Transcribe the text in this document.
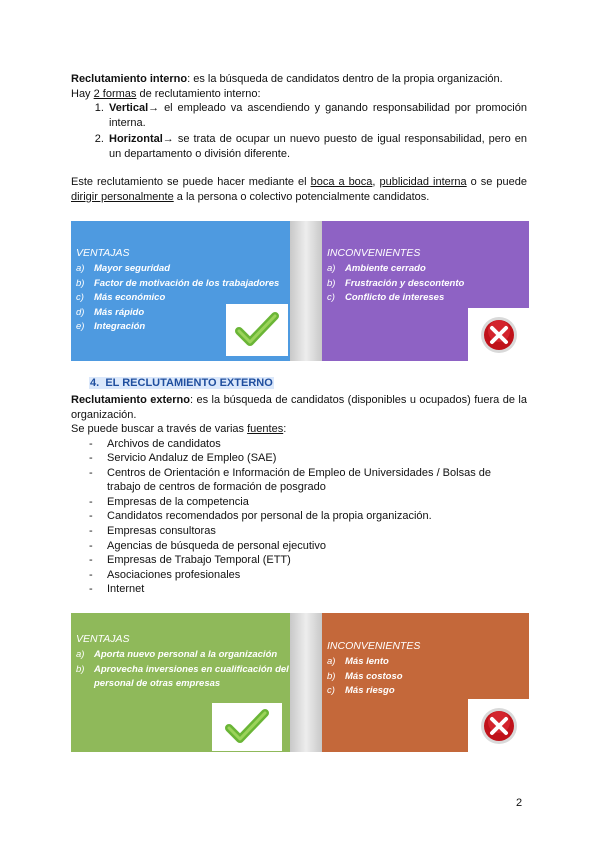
Reclutamiento interno: es la búsqueda de candidatos dentro de la propia organización.
Hay 2 formas de reclutamiento interno:
1. Vertical→ el empleado va ascendiendo y ganando responsabilidad por promoción interna.
2. Horizontal→ se trata de ocupar un nuevo puesto de igual responsabilidad, pero en un departamento o división diferente.
Este reclutamiento se puede hacer mediante el boca a boca, publicidad interna o se puede dirigir personalmente a la persona o colectivo potencialmente candidatos.
VENTAJAS
a) Mayor seguridad
b) Factor de motivación de los trabajadores
c) Más económico
d) Más rápido
e) Integración
INCONVENIENTES
a) Ambiente cerrado
b) Frustración y descontento
c) Conflicto de intereses
4. EL RECLUTAMIENTO EXTERNO
Reclutamiento externo: es la búsqueda de candidatos (disponibles u ocupados) fuera de la organización.
Se puede buscar a través de varias fuentes:
- Archivos de candidatos
- Servicio Andaluz de Empleo (SAE)
- Centros de Orientación e Información de Empleo de Universidades / Bolsas de trabajo de centros de formación de posgrado
- Empresas de la competencia
- Candidatos recomendados por personal de la propia organización.
- Empresas consultoras
- Agencias de búsqueda de personal ejecutivo
- Empresas de Trabajo Temporal (ETT)
- Asociaciones profesionales
- Internet
VENTAJAS
a) Aporta nuevo personal a la organización
b) Aprovecha inversiones en cualificación del personal de otras empresas
INCONVENIENTES
a) Más lento
b) Más costoso
c) Más riesgo
2
